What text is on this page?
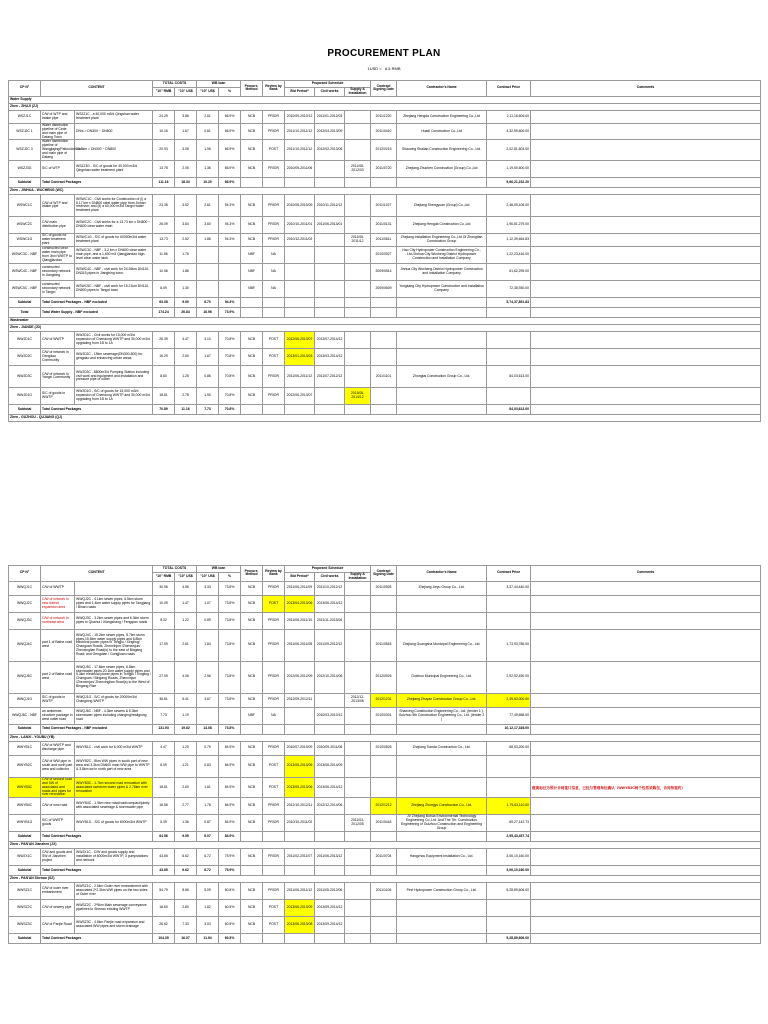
PROCUREMENT PLAN
1USD = 6.5 RMB
CP N°	CONTENT		TOTAL COSTS		WB loan		Procure. Method	Review by Bank	Proposed Schedule			Contract Signing Date	Contractor's Name	Contract Price	Comments
			"10" RMB	"10" US$	"10" US$	%			Bid Period*	Civil works	Supply & Installation				
Water Supply															
Zhen - ZHUJI (ZJ)															
WSZJ1C	C/W of WTP and intake pipe	WSZJ1C - a 40,000 m3/d Qingshan water treatment plant	24.29	3.86	2.61	66.9%	NCB	PRIOR	2010/09-2010/12	2011/01-2012/03		2011/1220	Zhejiang Hengda Construction Engineering Co.,Ltd	2,11,16,606.00	
WSZJ2C 1	Water distribution pipeline of Cede and main pipe of Datang Town	DN/s = DN300 ~ DN800	10.16	1.67	0.61	66.9%	NCB	PRIOR	2011/10-2011/12	2012/04-2013/09		2011/0410	Huadi Construction Co.,Ltd	4,32,59,600.00	
WSZJ2C 3	Water distribution pipeline of Wangjiajing/Paitou/Anhua and main pipe of Datang	23.8km = DN300 ~ DN800	20.93	3.08	1.96	66.9%	NCB	POST	2011/10-2011/12	2012/02-2013/06		2012/0215	Shaoxing Shalian Construction Engineering Co., Ltd.	2,02,81,603.00	
WSZJ3G	S/C of WTP	WSZJ3G - S/C of goods for 40,000 m3/d Qingshan water treatment plant	13.78	2.05	1.36	66.9%	NCB	PRIOR	2010/09-2011/06		2011/08-2012/03	2011/0720	Zhejiang Zhuchen Construction (Group) Co.,Ltd	1,19,60,600.00	
Subtotal	Total Contract Packages		111.16	18.33	10.20	66.9%								9,66,21,232.20	
Zhen - JINHUA - WUCHENG (WC)															
WSWC1C	C/W of WTP and intake pipe	WSWC1C - Civil works for Construction of (i) a 8.17 km x DN800 steel water pipe from Jinhan reservoir, and (ii) a 60,000 m3/d Tangxi water treatment plant	23.36	3.62	2.61	94.3%	NCB	PRIOR	2010/08-2010/09	2010/11-2012/12		2011/1027	Zhejiang Shengyuan (Group) Co.,Ltd	2,46,09,106.00	
WSWC2C	C/W main distribution pipe	WSWC2C - Civil works for a 13.73 km x DN800 ~ DN600 clear water main	26.09	3.84	3.60	94.3%	NCB	PRIOR	2010/10-2011/01	2011/06-2013/01		2011/0131	Zhejiang Hengda Construction Co.,Ltd	1,96,81,279.00	
WSWC1G	S/C of goods for water treatment plant	WSWC1G - S/C of goods for 60000m3/d water treatment plant	13.73	2.52	1.86	94.3%	NCB	PRIOR	2010/12-2011/02		2011/06-2011/12	2011/0611	Zhejiang Installation Engineering Co.,Ltd Of Zhongtian Construction Group	1,12,39,464.83	
WSWC3C - NBF	constructed clear water main pipe from Jinxi WWTP to Qiangjiandao	WSWC3C - NBF - 3.2 km x DN600 clear water main pipe, and a 1,600 m3 Qiangjiandao high-level clear water tank	11.56	1.76			NBF	NA				2010/0927	Hao City Hydropower Construction Engineering Co., Ltd./Jinhua City Wucheng District Hydropower Construction and Installation Company	1,22,23,416.00	
WSWC4C - NBF	constructed secondary network in Jiangbing	WSWC4C - NBF - civil work for 24.36km DN110-DN315 pipes in Jiangbing town.	10.56	1.86			NBF	NA				2009/0514	Jinhua City Wucheng District Hydropower Construction and Installation Company	61,62,295.00	
WSWC5C - NBF	constructed secondary network in Tangxi	WSWC5C - NBF - civil work for 15.21km DN110-DN800 pipes in Tangxi town	8.09	1.30			NBF	NA				2009/0609	Yongkang City Hydropower Construction and Installation Company	72,38,930.00	
Subtotal	Total Contract Packages - NBF excluded		63.08	9.90	6.70	94.3%								5,74,37,891.83	
Total	Total Water Supply - NBF excluded		174.24	26.84	16.96	73.9%									
Wastewater															
Zhen - JIANDE (JD)															
WWJD1C	C/W of WWTP	WWJD1C - Civil works for 15,000 m3/d expansion of Chendong WWTP and 30,000 m3/d upgrading from 1B to 1A	26.39	4.47	3.10	70.8%	NCB	POST	2012/06-2013/07	2013/07-2014/12					
WWJD2C	C/W of network in Gengdao Community	WWJD2C - 19km sewerage(DN300-800) for gengdao and enhancing urban areas	16.29	2.60	1.67	70.8%	NCB	POST	2013/01-2013/03	2013/03-2014/12					
WWJD3C	C/W of network in Yangxi Community	WWJD3C - 8800m3/d Pumping Station including civil work and equipment and installation and pressure pipe of outlet	8.60	1.26	0.86	70.8%	NCB	PRIOR	2011/06-2011/12	2011/07-2012/12		2011/1101	Zhongtai Construction Group Co., Ltd.	84,03,613.00	
WWJD1G	S/C of goods in WWTP	WWJD1G - S/C of goods for 15,000 m3/d expansion of Chendong WWTP and 30,000 m3/d upgrading from 1B to 1A	18.61	2.78	1.90	70.8%	NCB	PRIOR	2012/06-2013/07		2013/06-2014/12				
Subtotal	Total Contract Packages		70.89	11.16	7.73	70.8%								84,03,613.00	
Zhen - GUZHOU - QUJIANG (QJ)															
CP N°	CONTENT		TOTAL COSTS		WB loan		Procure. Method	Review by Bank	Proposed Schedule			Contract Signing Date	Contractor's Name	Contract Price	Comments
			"10" RMB	"10" US$	"10" US$	%			Bid Period*	Civil works	Supply & Installation				
WWQJ1C	C/W of WWTP		30.96	4.56	3.33	73.8%	NCB	PRIOR	2011/06-2011/09	2011/10-2012/12		2011/0928	Zhejiang Jieyu Group Co., Ltd.	3,37,44,440.00	
WWQJ2C	C/W of network in new district expansion area	WWQJ2C - 4.1km sewer pipes, 6.5km storm pipes and 1.4km water supply pipes for Tangjiang / Binan roads	10.09	1.47	1.07	73.8%	NCB	POST	2013/04-2013/06	2013/06-2014/12					
WWQJ3C	C/W of network in northeast area	WWQJ3C - 3.2km sewer pipes and 6.3km storm pipes in Qiushui / Xiangshang / Fengqian roads	8.32	1.22	0.89	73.8%	NCB	PRIOR	2011/08-2011/10	2011/11-2013/06					
WWQJ4C	part 1 of Bathe road west	WWQJ4C - 15.2km sewer pipes, 8.7km storm pipes,15.6km water supply pipes and 6.8km electrical power pipes in Tongjiu / Xingling/ Changuan Roads, Zhenxinjun /Zhenxinjun/ Zhenxinglian Road(s) to the east of Bingang Road; and Gengdian / Gongjiuan roads	17.09	2.61	1.84	73.8%	NCB	PRIOR	2011/06-2011/08	2011/09-2012/12		2011/0818	Zhejiang Guangsha Municipal Engineering Co., Ltd.	1,73,93,786.00	
WWQJ5C	part 2 of Bathe road west	WWQJ5C - 17.6km sewer pipes, 6.8km stormwater pipes,20.1km water supply pipes and 5.3km electrical power pipes in Tongjiu / Xingling / Changuan / Bingang Roads, Zhenxinjun /Zhenxinjun/ Zhenxinglian Road(s) to the West of Bingang Rise	27.09	4.06	2.96	73.8%	NCB	PRIOR	2012/06-2012/09	2012/10-2014/06		2012/0926	Guizhou Municipal Engineering Co., Ltd.	2,92,92,490.00	
WWQJ1G	S/C of goods in WWTP	WWQJ1G - S/C of goods for 20000m3/d Changlong WWTP	36.61	5.41	3.67	73.8%	NCB	PRIOR	2012/09-2012/11		2012/12-2013/08	2012/1231	Zhejiang Zhuyan Construction Group Co., Ltd.	2,49,63,000.00	
WWQJ6C - NBF	an ambience-structure package in west outlet road	WWQJ6C - NBF - 4.3km sewers & 5.3km stormwater pipes including changing/realigning road	7.73	1.19			NBF	NA		2010/03-2010/12		2010/0301	Shaoxing Construction Engineering Co., Ltd. (tender 1 ), Guizhou 5th Construction Engineering Co., Ltd. (tender 2 )	77,49,658.00	
Subtotal	Total Contract Packages - NBF excluded		131.93	19.62	14.08	73.8%								10,12,17,336.00	
Zhen - LANXI - YOUBU (YB)															
WWYB1C	C/W of WWTP and discharge pipe	WWYB1C - civil work for 6,000 m3/d WWTP	4.47	1.20	0.79	84.9%	NCB	PRIOR	2010/07-2010/09	2010/09-2011/08		2010/0826	Zhejiang Tianda Construction Co., Ltd.	68,53,200.00	
WWYB2C	C/W of WW pipe in south and north part area and collector	WWYB2C - 8km WW pipes in south part of new area and 3.3km DN600 main WW pipe to WWTP & 3.8km sw in north part of new area	8.09	1.21	0.83	84.9%	NCB	POST	2013/05-2013/06	2013/06-2014/09					
WWYB3C	C/W of second road and SW of associated and roads and pipes for river renovation	WWYB3C - 1.7km second road renovation with associated sw/storm water pipes & 2.78km river renovation	18.61	2.60	1.61	84.9%	NCB	POST	2013/05-2013/06	2013/06-2014/12					橙黄标注为预计合同签订信息，已经与管理单位确认（WWYB3C两个包括采购包，合同待签约）
WWYB4C	C/W of new road	WWYB4C - 1.9km new road/road/compact/jointly with associated sewerage & stormwater pipe	16.56	2.77	1.78	84.9%	NCB	PRIOR	2012/10-2012/11	2012/12-2014/06		2012/1212	Zhejiang Zhongyu Construction Co., Ltd.	1,79,63,110.00	
WWYB1G	S/C of WWTP goods	WWYB1G - S/C of goods for 6000m3/d WWTP	5.39	1.36	0.87	84.9%	NCB	PRIOR	2010/10-2011/02		2011/03-2012/05	2011/0418	JV Zhejiang Bohua Environmental Technology Engineering Co.,Ltd. And The 7th. Construction Engineering of Guizhou Construction and Engineering Group	65,27,142.73	
Subtotal	Total Contract Packages		64.56	9.95	6.07	84.9%								2,95,43,457.74	
Zhen - PAN'AN Jianzhen (JX)															
WWJX1C	C/W and goods and SW of Jianzhen project	WWJX1C - C/W and goods supply and installation of 6000m3/d WWTP, 3 pumpstations and network	43.65	6.62	6.72	75.9%	NCB	PRIOR	2011/02-2011/07	2011/06-2013/12		2011/0704	Hangzhou Equipment Installation Co., Ltd.	3,06,10,160.00	
Subtotal	Total Contract Packages		43.65	6.62	6.72	75.9%								3,06,10,160.00	
Zhen - PAN'AN Shenao (SZ)															
WWSZ1C	C/W of outer river embankment	WWSZ1C - 2.5km Outer river embankment with associated 2*2.3km WW pipes on the two sides of Outer river	54.79	8.66	5.09	60.5%	NCB	PRIOR	2011/06-2011/12	2011/05-2012/06		2011/1106	First Hydropower Construction Group Co., Ltd.	5,28,89,606.00	
WWSZ2C	C/W of sewery pipe	WWSZ2C - 2*5km Main sewerage conveyance pipelines to Shenao existing WWTP	18.60	2.80	1.82	60.5%	NCB	POST	2013/06-2013/09	2013/09-2014/12					
WWSZ3C	C/W of Panjie Road	WWSZ3C - 4.5km Panjie road expansion and associated WW pipes and storm drainage	26.62	7.33	3.03	60.5%	NCB	POST	2013/06-2013/08	2013/09-2014/12					
Subtotal	Total Contract Packages		104.35	16.07	11.94	60.5%								5,28,89,606.00	
